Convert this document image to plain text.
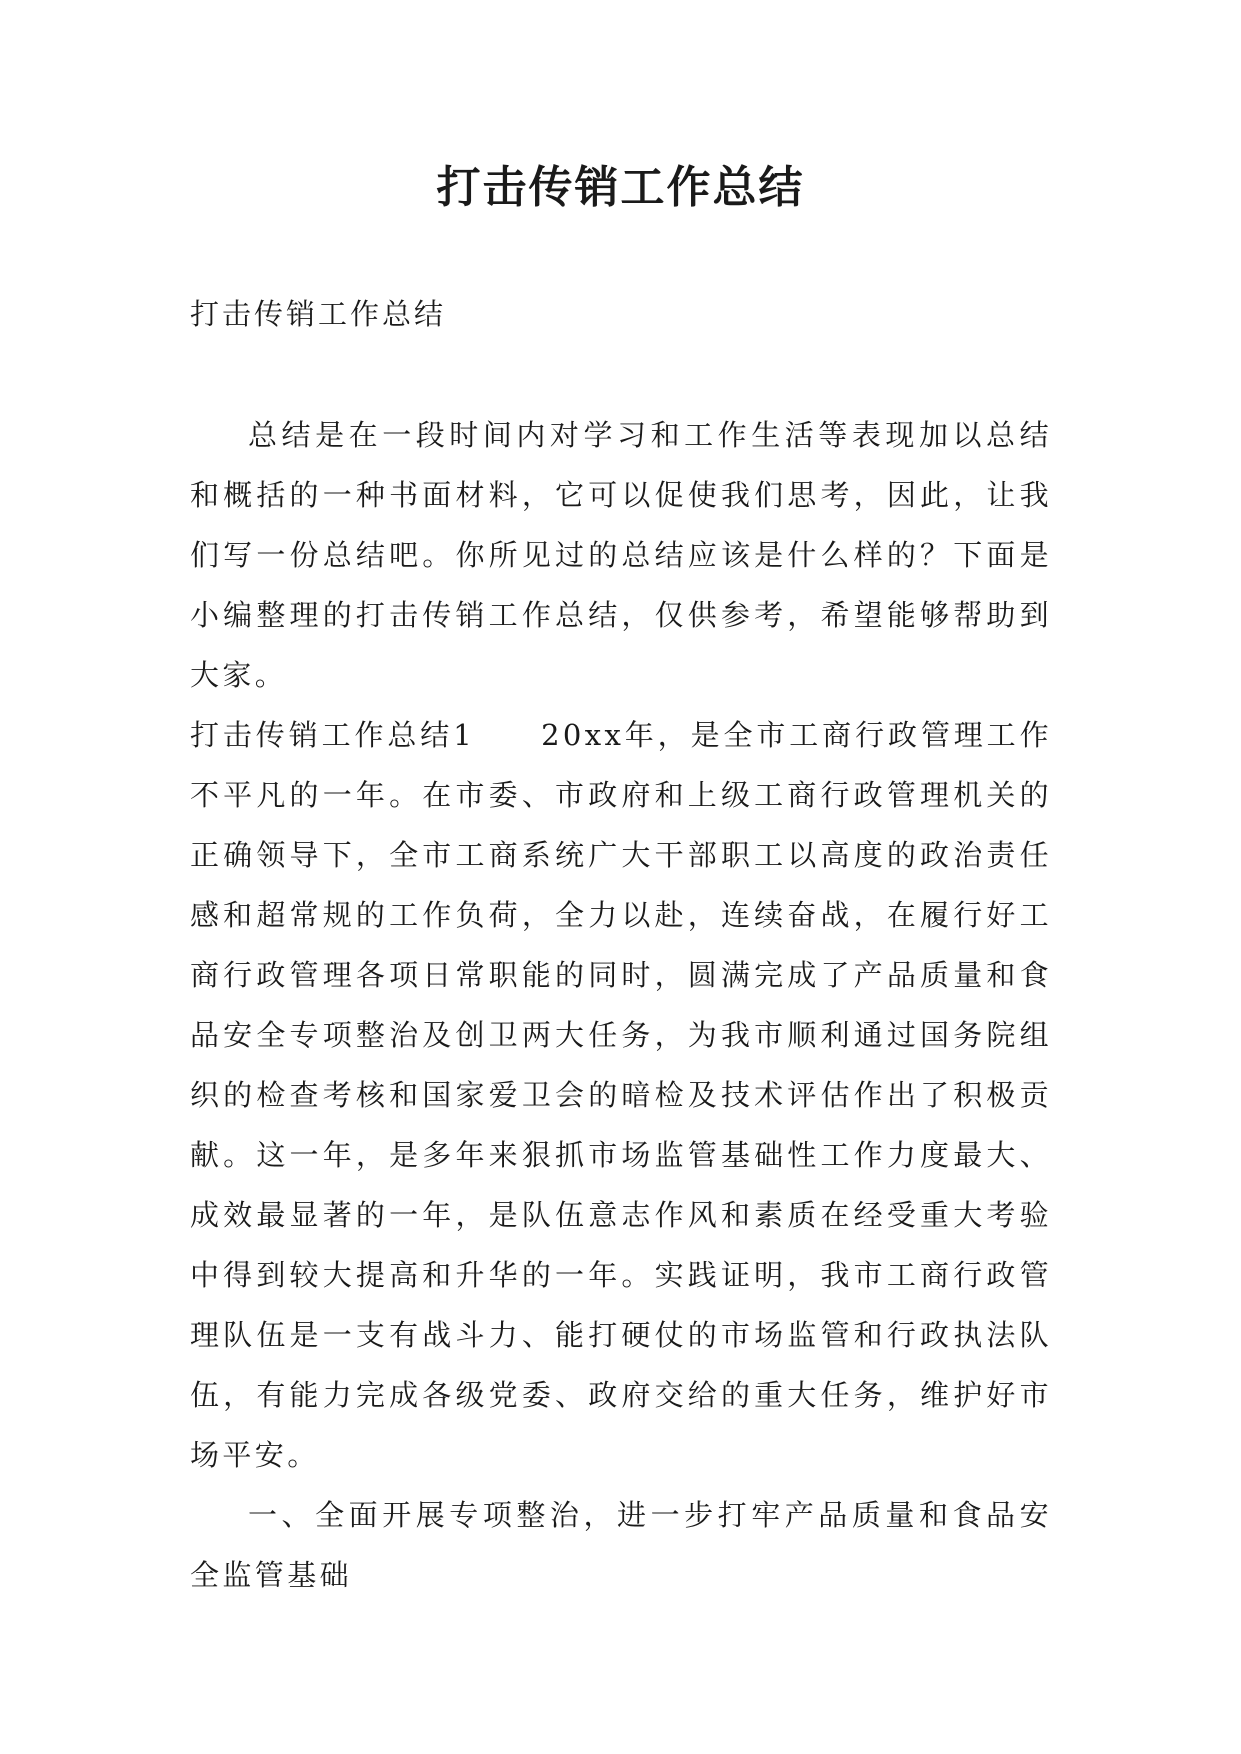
打击传销工作总结

打击传销工作总结

总结是在一段时间内对学习和工作生活等表现加以总结和概括的一种书面材料，它可以促使我们思考，因此，让我们写一份总结吧。你所见过的总结应该是什么样的？下面是小编整理的打击传销工作总结，仅供参考，希望能够帮助到大家。

打击传销工作总结1 20xx年，是全市工商行政管理工作不平凡的一年。在市委、市政府和上级工商行政管理机关的正确领导下，全市工商系统广大干部职工以高度的政治责任感和超常规的工作负荷，全力以赴，连续奋战，在履行好工商行政管理各项日常职能的同时，圆满完成了产品质量和食品安全专项整治及创卫两大任务，为我市顺利通过国务院组织的检查考核和国家爱卫会的暗检及技术评估作出了积极贡献。这一年，是多年来狠抓市场监管基础性工作力度最大、成效最显著的一年，是队伍意志作风和素质在经受重大考验中得到较大提高和升华的一年。实践证明，我市工商行政管理队伍是一支有战斗力、能打硬仗的市场监管和行政执法队伍，有能力完成各级党委、政府交给的重大任务，维护好市场平安。

一、全面开展专项整治，进一步打牢产品质量和食品安全监管基础
